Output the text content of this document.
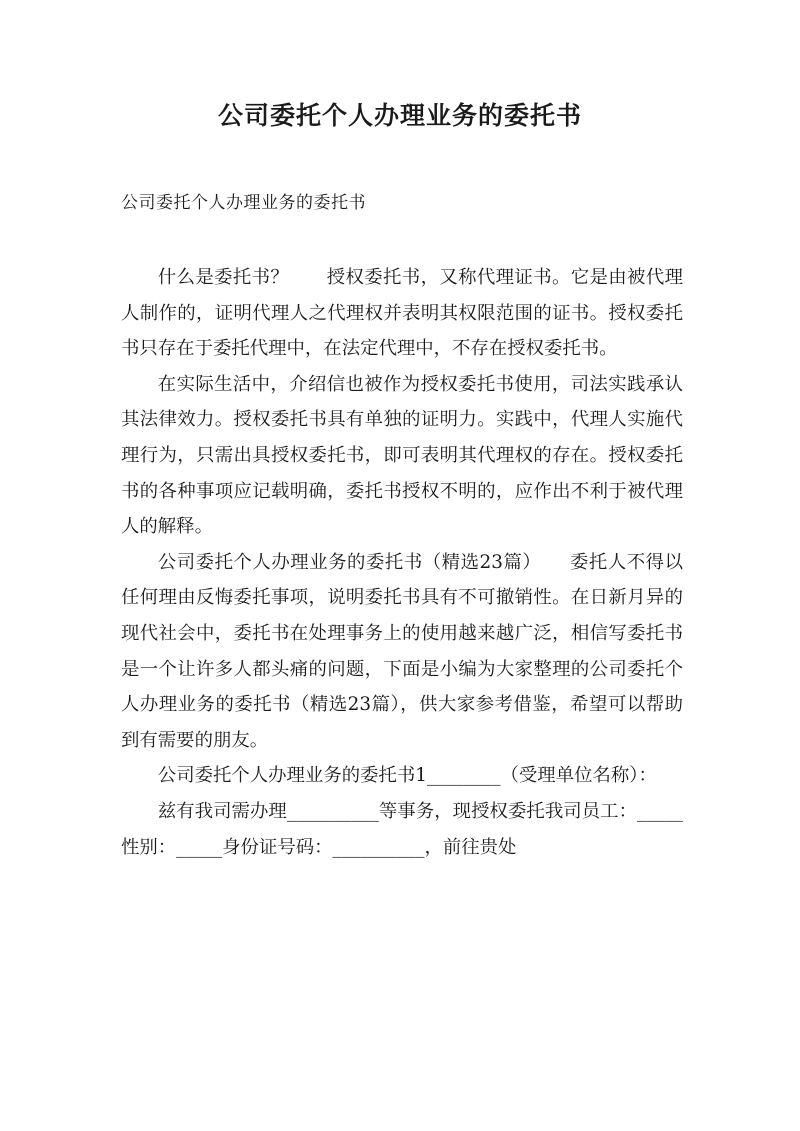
公司委托个人办理业务的委托书
公司委托个人办理业务的委托书

什么是委托书？　　授权委托书，又称代理证书。它是由被代理人制作的，证明代理人之代理权并表明其权限范围的证书。授权委托书只存在于委托代理中，在法定代理中，不存在授权委托书。

在实际生活中，介绍信也被作为授权委托书使用，司法实践承认其法律效力。授权委托书具有单独的证明力。实践中，代理人实施代理行为，只需出具授权委托书，即可表明其代理权的存在。授权委托书的各种事项应记载明确，委托书授权不明的，应作出不利于被代理人的解释。

公司委托个人办理业务的委托书（精选23篇）　　委托人不得以任何理由反悔委托事项，说明委托书具有不可撤销性。在日新月异的现代社会中，委托书在处理事务上的使用越来越广泛，相信写委托书是一个让许多人都头痛的问题，下面是小编为大家整理的公司委托个人办理业务的委托书（精选23篇），供大家参考借鉴，希望可以帮助到有需要的朋友。

公司委托个人办理业务的委托书1________（受理单位名称）：

兹有我司需办理__________等事务，现授权委托我司员工：_____性别：_____身份证号码：__________，前往贵处
